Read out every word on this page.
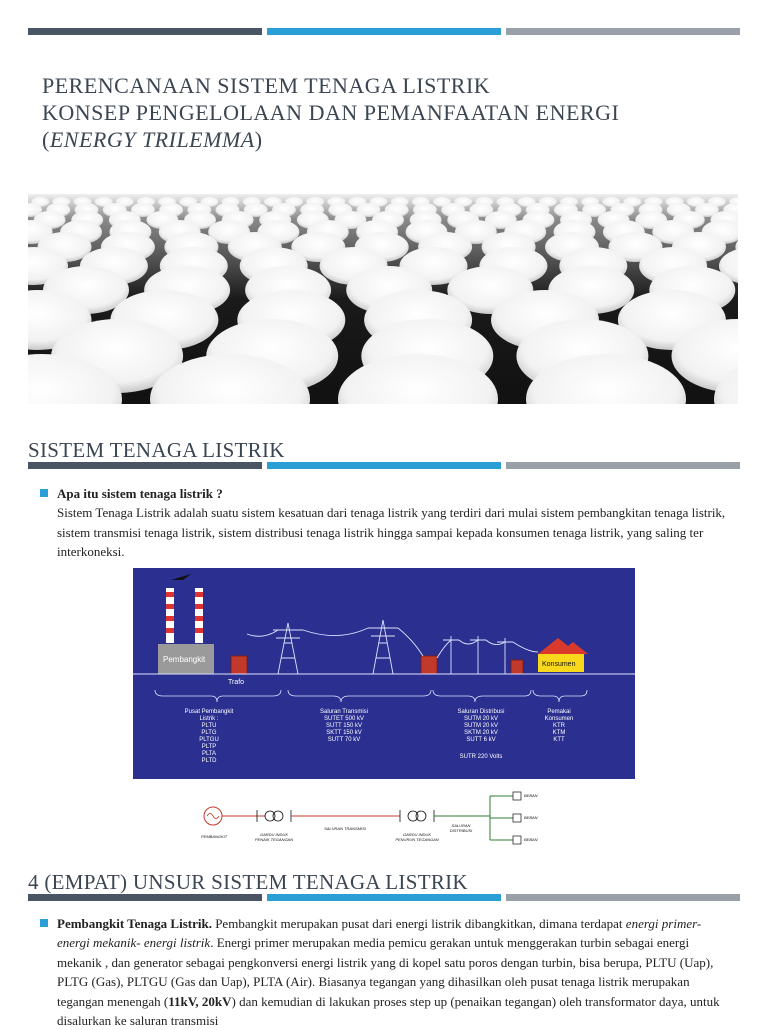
PERENCANAAN SISTEM TENAGA LISTRIK
KONSEP PENGELOLAAN DAN PEMANFAATAN ENERGI
(ENERGY TRILEMMA)
SISTEM TENAGA LISTRIK
Apa itu sistem tenaga listrik ?
Sistem Tenaga Listrik adalah suatu sistem kesatuan dari tenaga listrik yang terdiri dari mulai sistem pembangkitan tenaga listrik, sistem transmisi tenaga listrik, sistem distribusi tenaga listrik hingga sampai kepada konsumen tenaga listrik, yang saling ter interkoneksi.
Pembangkit
Trafo
Konsumen
Pusat Pembangkit
Listrik :
PLTU
PLTG
PLTGU
PLTP
PLTA
PLTD
Saluran Transmisi
SUTET 500 kV
SUTT 150 kV
SKTT 150 kV
SUTT 70 kV
Saluran Distribusi
SUTM 20 kV
SUTM 20 kV
SKTM 20 kV
SUTT 6 kV
SUTR 220 Volts
Pemakai
Konsumen
KTR
KTM
KTT
BEBAN
BEBAN
BEBAN
PEMBANGKIT	GARDU INDUK
PENAIK TEGANGAN
SALURAN TRANSMISI
GARDU INDUK
PENURUN TEGANGAN
SALURAN
DISTRIBUSI
4 (EMPAT) UNSUR SISTEM TENAGA LISTRIK
Pembangkit Tenaga Listrik. Pembangkit merupakan pusat dari energi listrik dibangkitkan, dimana terdapat energi primer-energi mekanik- energi listrik. Energi primer merupakan media pemicu gerakan untuk menggerakan turbin sebagai energi mekanik , dan generator sebagai pengkonversi energi listrik yang di kopel satu poros dengan turbin, bisa berupa, PLTU (Uap), PLTG (Gas), PLTGU (Gas dan Uap), PLTA (Air). Biasanya tegangan yang dihasilkan oleh pusat tenaga listrik merupakan tegangan menengah (11kV, 20kV) dan kemudian di lakukan proses step up (penaikan tegangan) oleh transformator daya, untuk disalurkan ke saluran transmisi
